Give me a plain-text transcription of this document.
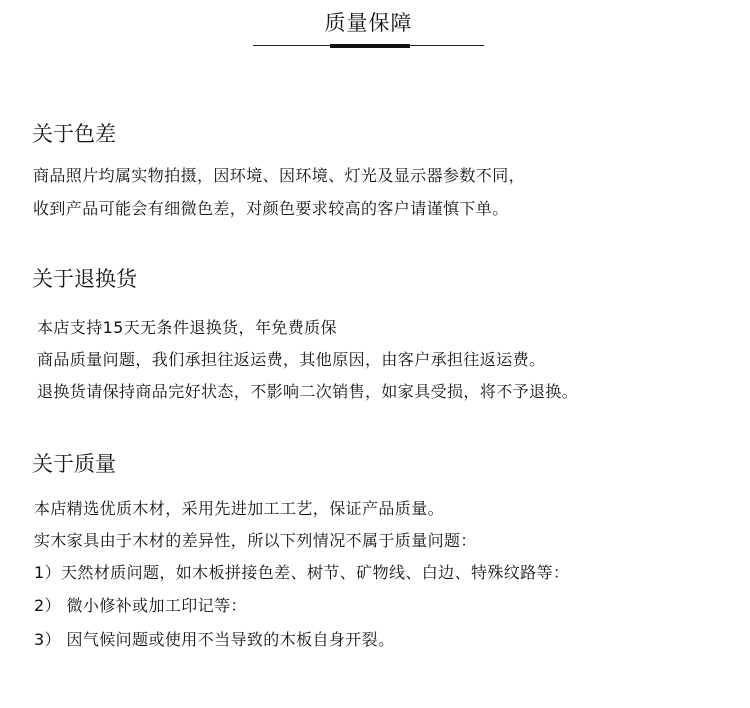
质量保障
关于色差
商品照片均属实物拍摄，因环境、因环境、灯光及显示器参数不同，
收到产品可能会有细微色差，对颜色要求较高的客户请谨慎下单。
关于退换货
本店支持15天无条件退换货，年免费质保
商品质量问题，我们承担往返运费，其他原因，由客户承担往返运费。
退换货请保持商品完好状态，不影响二次销售，如家具受损，将不予退换。
关于质量
本店精选优质木材，采用先进加工工艺，保证产品质量。
实木家具由于木材的差异性，所以下列情况不属于质量问题：
1）天然材质问题，如木板拼接色差、树节、矿物线、白边、特殊纹路等：
2） 微小修补或加工印记等：
3） 因气候问题或使用不当导致的木板自身开裂。
